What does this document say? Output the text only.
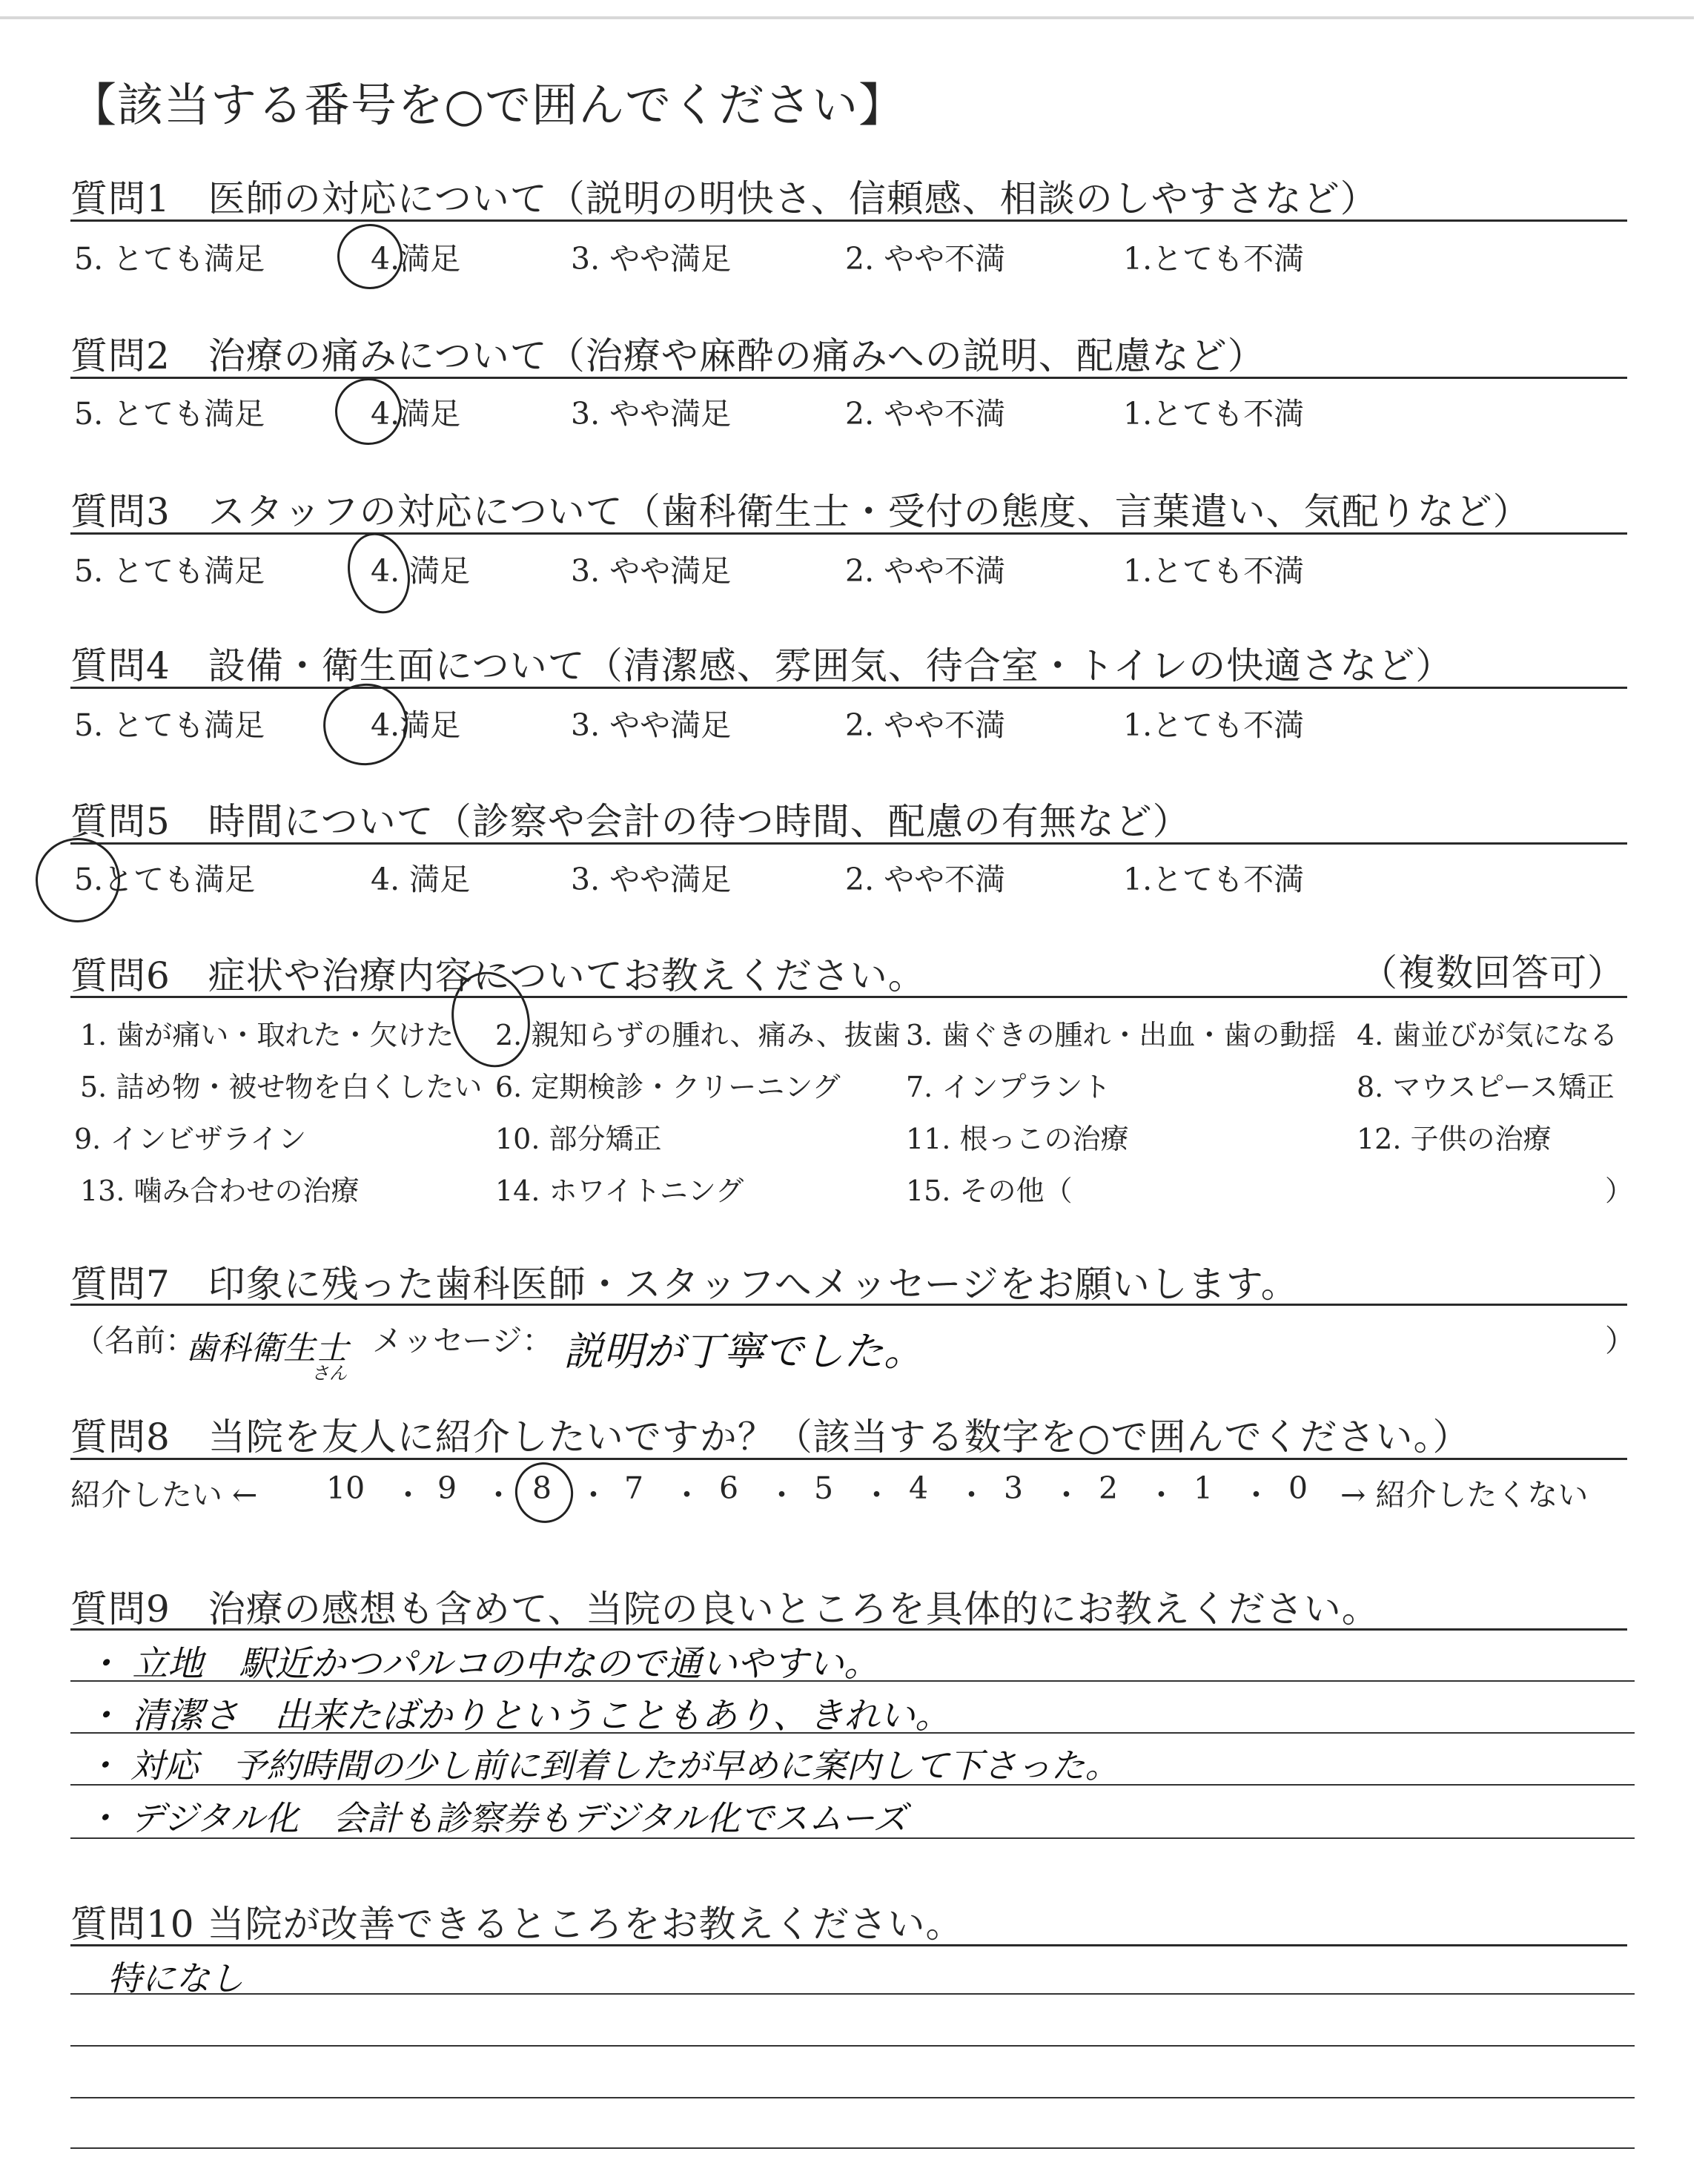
【該当する番号を○で囲んでください】
質問1　医師の対応について（説明の明快さ、信頼感、相談のしやすさなど）
5. とても満足	4.満足	3. やや満足	2. やや不満	1.とても不満
質問2　治療の痛みについて（治療や麻酔の痛みへの説明、配慮など）
5. とても満足	4.満足	3. やや満足	2. やや不満	1.とても不満
質問3　スタッフの対応について（歯科衛生士・受付の態度、言葉遣い、気配りなど）
5. とても満足	4. 満足	3. やや満足	2. やや不満	1.とても不満
質問4　設備・衛生面について（清潔感、雰囲気、待合室・トイレの快適さなど）
5. とても満足	4.満足	3. やや満足	2. やや不満	1.とても不満
質問5　時間について（診察や会計の待つ時間、配慮の有無など）
5.とても満足	4. 満足	3. やや満足	2. やや不満	1.とても不満
質問6　症状や治療内容についてお教えください。	（複数回答可）
1. 歯が痛い・取れた・欠けた 2. 親知らずの腫れ、痛み、抜歯 3. 歯ぐきの腫れ・出血・歯の動揺 4. 歯並びが気になる
5. 詰め物・被せ物を白くしたい 6. 定期検診・クリーニング 7. インプラント	8. マウスピース矯正
9. インビザライン	10. 部分矯正	11. 根っこの治療	12. 子供の治療
13. 噛み合わせの治療	14. ホワイトニング	15. その他（	）
質問7　印象に残った歯科医師・スタッフへメッセージをお願いします。
（名前：
歯科衛生士
さん
メッセージ： 説明が丁寧でした。	）
質問8　当院を友人に紹介したいですか？（該当する数字を○で囲んでください。）
紹介したい ← 10 ・ 9 ・ 8 ・ 7 ・ 6 ・ 5 ・ 4 ・ 3 ・ 2 ・ 1 ・ 0 → 紹介したくない
質問9　治療の感想も含めて、当院の良いところを具体的にお教えください。
・ 立地　駅近かつパルコの中なので通いやすい。
・ 清潔さ　出来たばかりということもあり、きれい。
・ 対応　予約時間の少し前に到着したが早めに案内して下さった。
・ デジタル化　会計も診察券もデジタル化でスムーズ
質問10 当院が改善できるところをお教えください。
特になし
